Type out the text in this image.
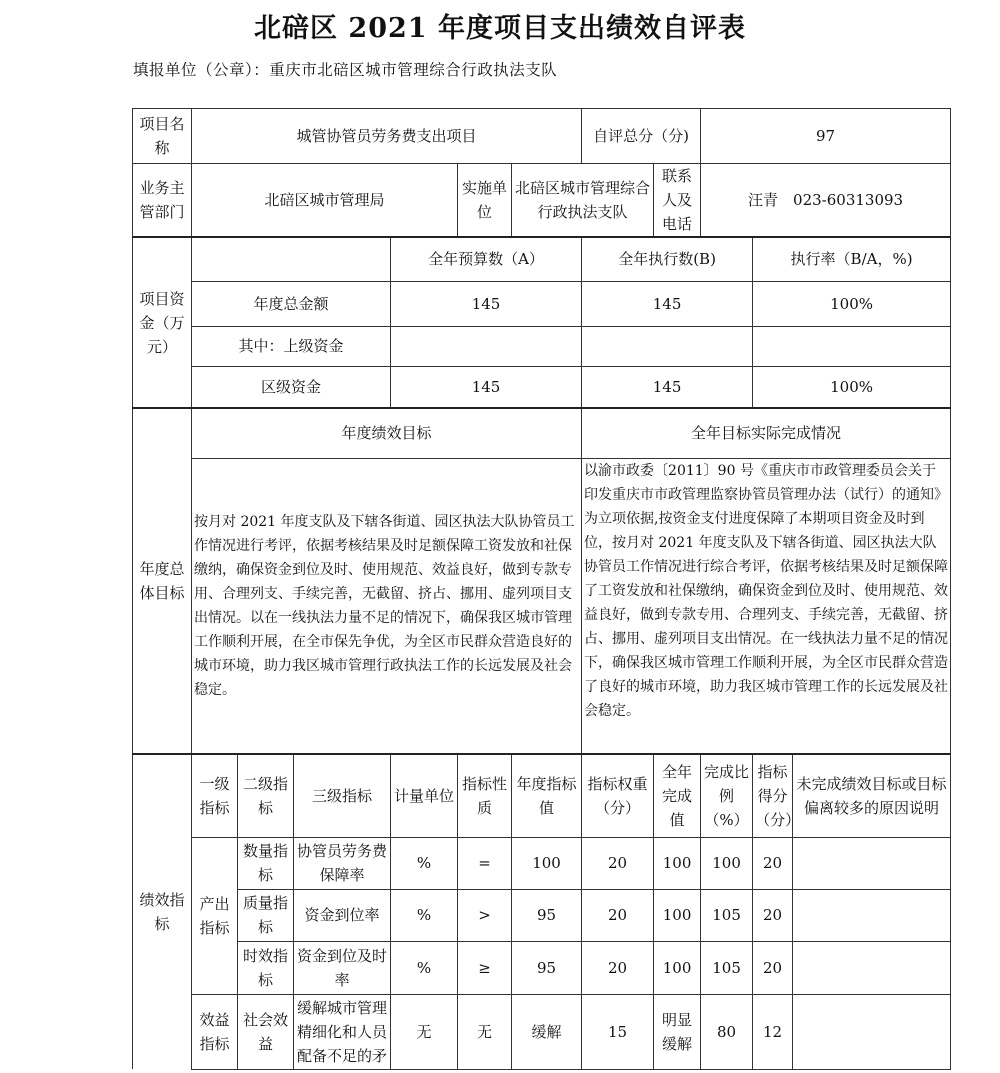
北碚区 2021 年度项目支出绩效自评表
填报单位（公章）：重庆市北碚区城市管理综合行政执法支队
项目名称	城管协管员劳务费支出项目						自评总分（分)		97		
业务主管部门	北碚区城市管理局				实施单位	北碚区城市管理综合行政执法支队		联系人及电话	汪青　023-60313093		
项目资金（万元）				全年预算数（A）			全年执行数(B)			执行率（B/A，%)	
	年度总金额			145			145			100%	
	其中：上级资金										
	区级资金			145			145			100%	
年度总体目标	年度绩效目标						全年目标实际完成情况				
	按月对 2021 年度支队及下辖各街道、园区执法大队协管员工作情况进行考评，依据考核结果及时足额保障工资发放和社保缴纳，确保资金到位及时、使用规范、效益良好，做到专款专用、合理列支、手续完善，无截留、挤占、挪用、虚列项目支出情况。以在一线执法力量不足的情况下，确保我区城市管理工作顺利开展，在全市保先争优，为全区市民群众营造良好的城市环境，助力我区城市管理行政执法工作的长远发展及社会稳定。						以渝市政委〔2011〕90 号《重庆市市政管理委员会关于印发重庆市市政管理监察协管员管理办法（试行）的通知》为立项依据,按资金支付进度保障了本期项目资金及时到位，按月对 2021 年度支队及下辖各街道、园区执法大队协管员工作情况进行综合考评，依据考核结果及时足额保障了工资发放和社保缴纳，确保资金到位及时、使用规范、效益良好，做到专款专用、合理列支、手续完善，无截留、挤占、挪用、虚列项目支出情况。在一线执法力量不足的情况下，确保我区城市管理工作顺利开展，为全区市民群众营造了良好的城市环境，助力我区城市管理工作的长远发展及社会稳定。				
绩效指标	一级指标	二级指标	三级指标	计量单位	指标性质	年度指标值	指标权重（分）	全年完成值	完成比例（%）	指标得分（分）	未完成绩效目标或目标偏离较多的原因说明
	产出指标	数量指标	协管员劳务费保障率	%	=	100	20	100	100	20	
		质量指标	资金到位率	%	>	95	20	100	105	20	
		时效指标	资金到位及时率	%	≥	95	20	100	105	20	
	效益指标	社会效益	缓解城市管理精细化和人员配备不足的矛	无	无	缓解	15	明显缓解	80	12	
